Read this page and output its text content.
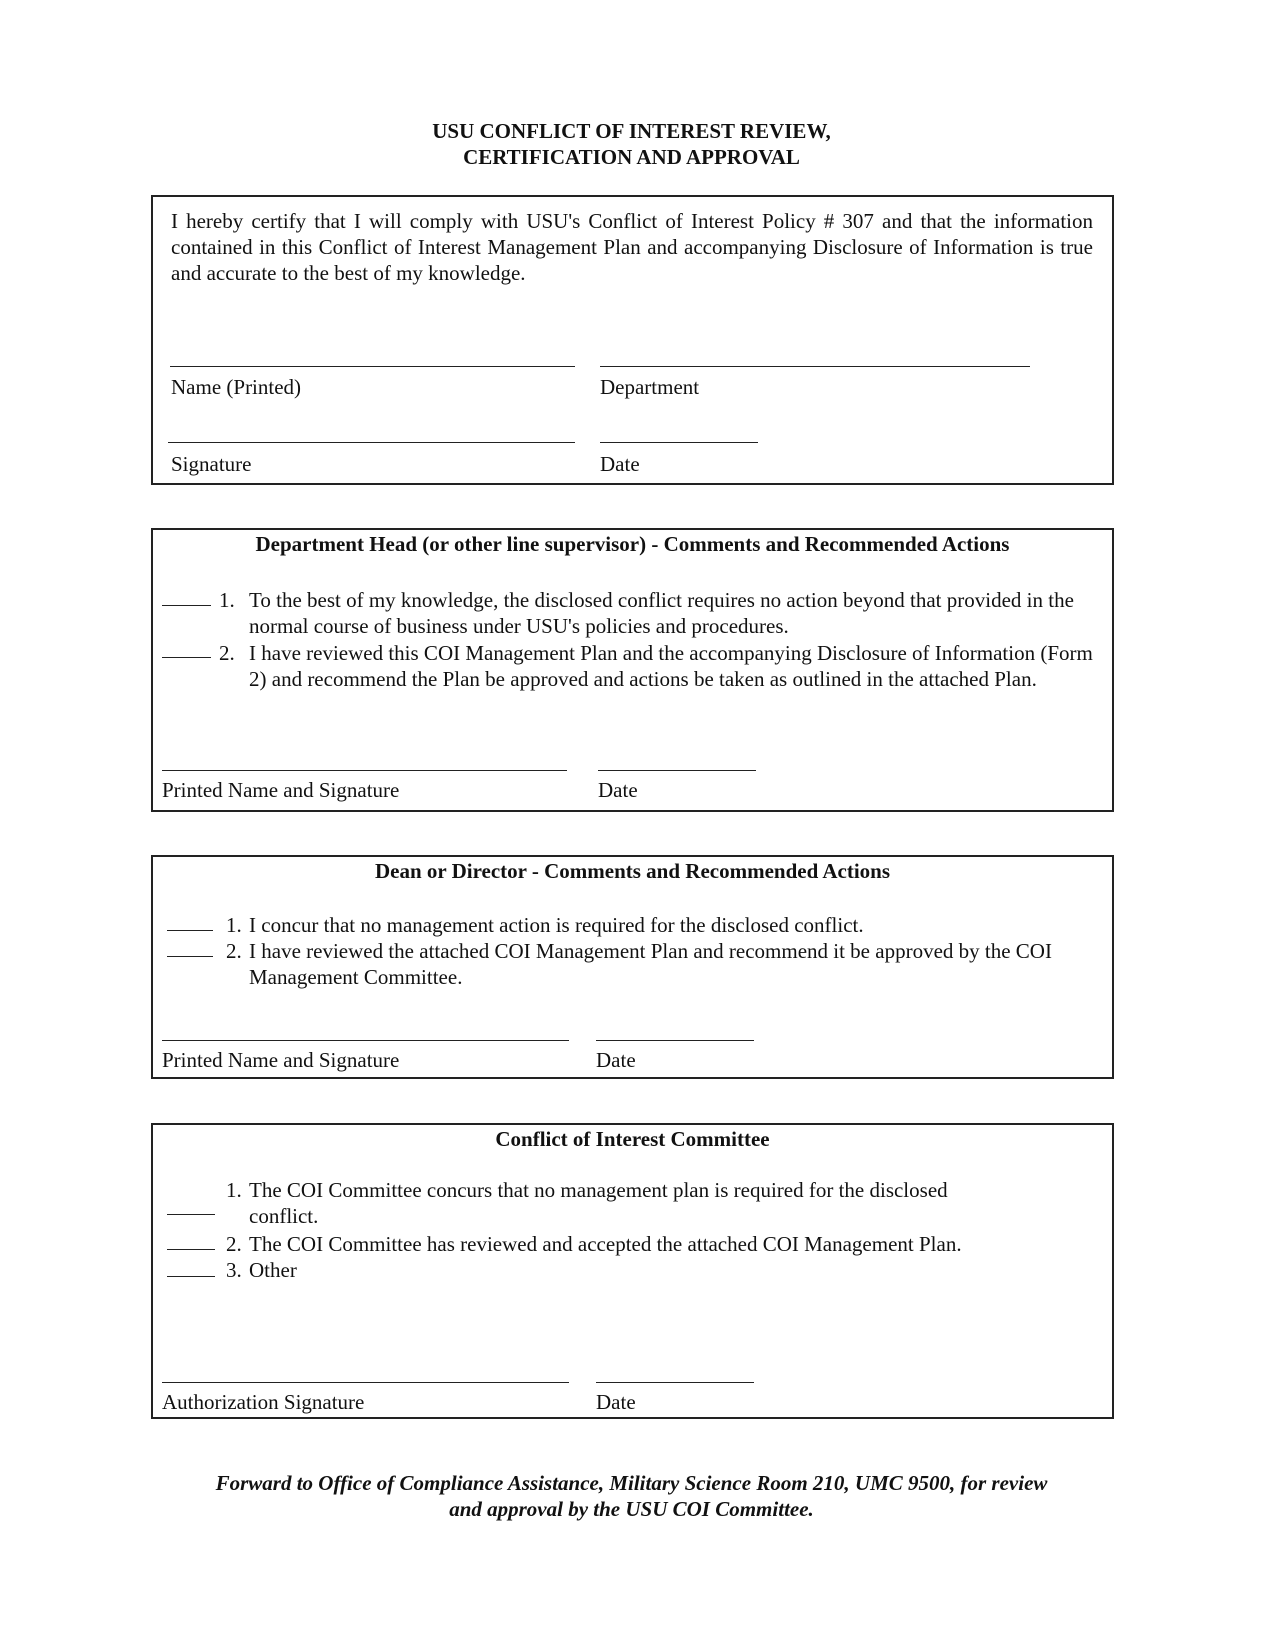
USU CONFLICT OF INTEREST REVIEW,
CERTIFICATION AND APPROVAL
I hereby certify that I will comply with USU's Conflict of Interest Policy # 307 and that the information contained in this Conflict of Interest Management Plan and accompanying Disclosure of Information is true and accurate to the best of my knowledge.
Name (Printed)	Department
Signature	Date
Department Head (or other line supervisor) - Comments and Recommended Actions
1. To the best of my knowledge, the disclosed conflict requires no action beyond that provided in the normal course of business under USU's policies and procedures.
2. I have reviewed this COI Management Plan and the accompanying Disclosure of Information (Form 2) and recommend the Plan be approved and actions be taken as outlined in the attached Plan.
Printed Name and Signature	Date
Dean or Director - Comments and Recommended Actions
1. I concur that no management action is required for the disclosed conflict.
2. I have reviewed the attached COI Management Plan and recommend it be approved by the COI Management Committee.
Printed Name and Signature	Date
Conflict of Interest Committee
1. The COI Committee concurs that no management plan is required for the disclosed conflict.
2. The COI Committee has reviewed and accepted the attached COI Management Plan.
3. Other
Authorization Signature	Date
Forward to Office of Compliance Assistance, Military Science Room 210, UMC 9500, for review
and approval by the USU COI Committee.
